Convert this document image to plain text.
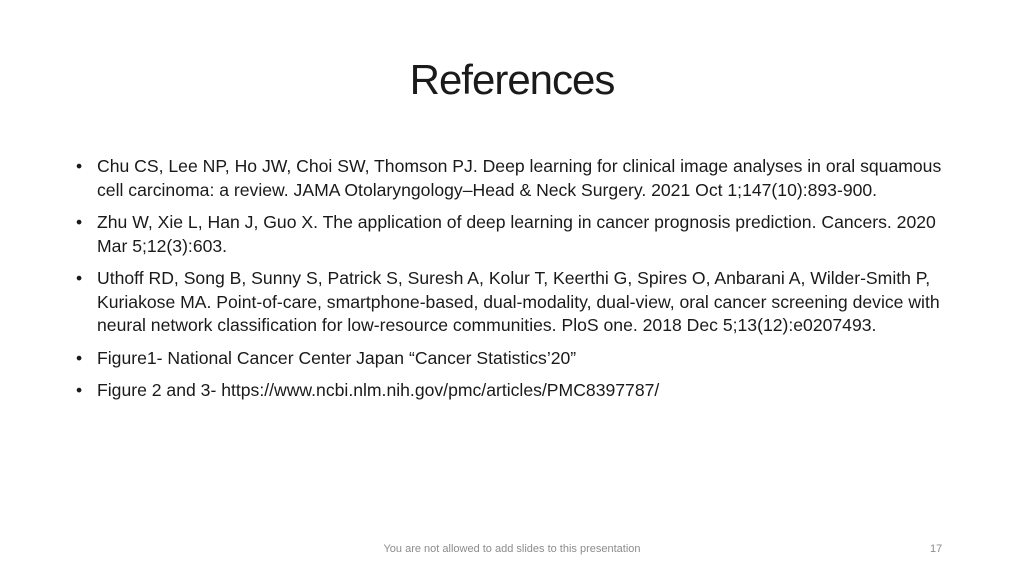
References
• Chu CS, Lee NP, Ho JW, Choi SW, Thomson PJ. Deep learning for clinical image analyses in oral squamous cell carcinoma: a review. JAMA Otolaryngology–Head & Neck Surgery. 2021 Oct 1;147(10):893-900.
• Zhu W, Xie L, Han J, Guo X. The application of deep learning in cancer prognosis prediction. Cancers. 2020 Mar 5;12(3):603.
• Uthoff RD, Song B, Sunny S, Patrick S, Suresh A, Kolur T, Keerthi G, Spires O, Anbarani A, Wilder-Smith P, Kuriakose MA. Point-of-care, smartphone-based, dual-modality, dual-view, oral cancer screening device with neural network classification for low-resource communities. PloS one. 2018 Dec 5;13(12):e0207493.
• Figure1- National Cancer Center Japan “Cancer Statistics’20”
• Figure 2 and 3- https://www.ncbi.nlm.nih.gov/pmc/articles/PMC8397787/
You are not allowed to add slides to this presentation	17
